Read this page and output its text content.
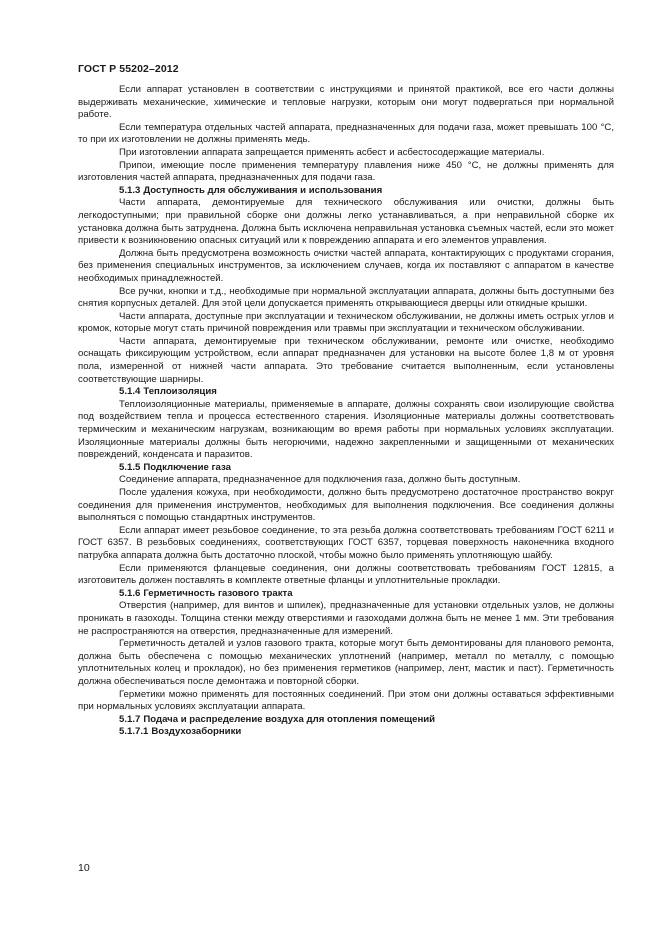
ГОСТ Р 55202–2012

Если аппарат установлен в соответствии с инструкциями и принятой практикой, все его части должны выдерживать механические, химические и тепловые нагрузки, которым они могут подвергаться при нормальной работе.

Если температура отдельных частей аппарата, предназначенных для подачи газа, может превышать 100 °C, то при их изготовлении не должны применять медь.

При изготовлении аппарата запрещается применять асбест и асбестосодержащие материалы.

Припои, имеющие после применения температуру плавления ниже 450 °C, не должны применять для изготовления частей аппарата, предназначенных для подачи газа.

5.1.3 Доступность для обслуживания и использования

Части аппарата, демонтируемые для технического обслуживания или очистки, должны быть легкодоступными; при правильной сборке они должны легко устанавливаться, а при неправильной сборке их установка должна быть затруднена. Должна быть исключена неправильная установка съемных частей, если это может привести к возникновению опасных ситуаций или к повреждению аппарата и его элементов управления.

Должна быть предусмотрена возможность очистки частей аппарата, контактирующих с продуктами сгорания, без применения специальных инструментов, за исключением случаев, когда их поставляют с аппаратом в качестве необходимых принадлежностей.

Все ручки, кнопки и т.д., необходимые при нормальной эксплуатации аппарата, должны быть доступными без снятия корпусных деталей. Для этой цели допускается применять открывающиеся дверцы или откидные крышки.

Части аппарата, доступные при эксплуатации и техническом обслуживании, не должны иметь острых углов и кромок, которые могут стать причиной повреждения или травмы при эксплуатации и техническом обслуживании.

Части аппарата, демонтируемые при техническом обслуживании, ремонте или очистке, необходимо оснащать фиксирующим устройством, если аппарат предназначен для установки на высоте более 1,8 м от уровня пола, измеренной от нижней части аппарата. Это требование считается выполненным, если установлены соответствующие шарниры.

5.1.4 Теплоизоляция

Теплоизоляционные материалы, применяемые в аппарате, должны сохранять свои изолирующие свойства под воздействием тепла и процесса естественного старения. Изоляционные материалы должны соответствовать термическим и механическим нагрузкам, возникающим во время работы при нормальных условиях эксплуатации. Изоляционные материалы должны быть негорючими, надежно закрепленными и защищенными от механических повреждений, конденсата и паразитов.

5.1.5 Подключение газа

Соединение аппарата, предназначенное для подключения газа, должно быть доступным.

После удаления кожуха, при необходимости, должно быть предусмотрено достаточное пространство вокруг соединения для применения инструментов, необходимых для выполнения подключения. Все соединения должны выполняться с помощью стандартных инструментов.

Если аппарат имеет резьбовое соединение, то эта резьба должна соответствовать требованиям ГОСТ 6211 и ГОСТ 6357. В резьбовых соединениях, соответствующих ГОСТ 6357, торцевая поверхность наконечника входного патрубка аппарата должна быть достаточно плоской, чтобы можно было применять уплотняющую шайбу.

Если применяются фланцевые соединения, они должны соответствовать требованиям ГОСТ 12815, а изготовитель должен поставлять в комплекте ответные фланцы и уплотнительные прокладки.

5.1.6 Герметичность газового тракта

Отверстия (например, для винтов и шпилек), предназначенные для установки отдельных узлов, не должны проникать в газоходы. Толщина стенки между отверстиями и газоходами должна быть не менее 1 мм. Эти требования не распространяются на отверстия, предназначенные для измерений.

Герметичность деталей и узлов газового тракта, которые могут быть демонтированы для планового ремонта, должна быть обеспечена с помощью механических уплотнений (например, металл по металлу, с помощью уплотнительных колец и прокладок), но без применения герметиков (например, лент, мастик и паст). Герметичность должна обеспечиваться после демонтажа и повторной сборки.

Герметики можно применять для постоянных соединений. При этом они должны оставаться эффективными при нормальных условиях эксплуатации аппарата.

5.1.7 Подача и распределение воздуха для отопления помещений

5.1.7.1 Воздухозаборники

10
